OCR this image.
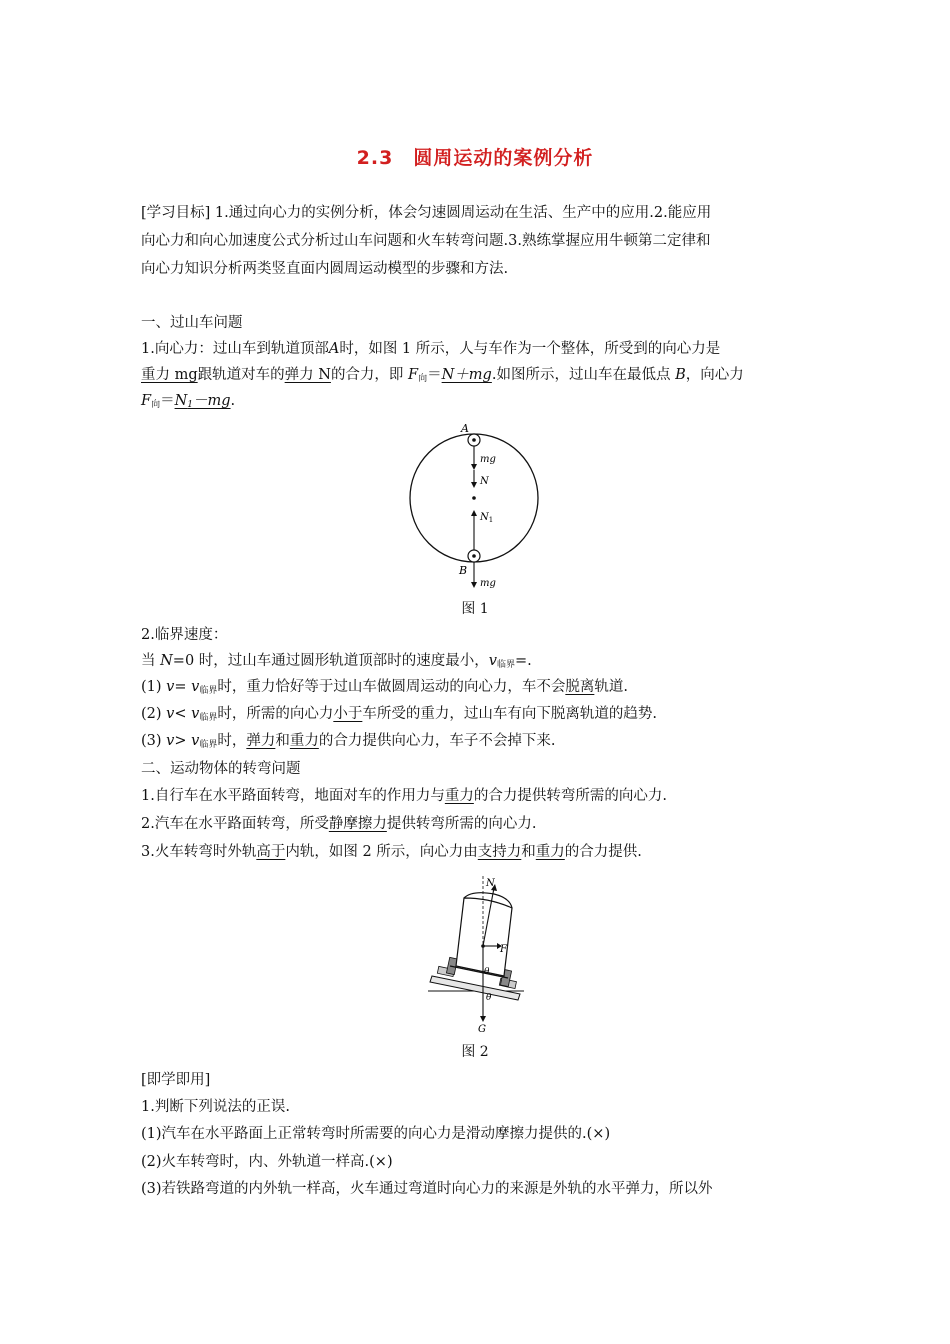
2.3　圆周运动的案例分析
[学习目标] 1.通过向心力的实例分析，体会匀速圆周运动在生活、生产中的应用.2.能应用
向心力和向心加速度公式分析过山车问题和火车转弯问题.3.熟练掌握应用牛顿第二定律和
向心力知识分析两类竖直面内圆周运动模型的步骤和方法.
一、过山车问题
1.向心力：过山车到轨道顶部A时，如图 1 所示，人与车作为一个整体，所受到的向心力是
重力 mg跟轨道对车的弹力 N的合力，即 $F_向=N+mg$.如图所示，过山车在最低点 B，向心力
$F_向=N_1-mg$.
A
mg
N
$N_1$
B
mg
图 1
2.临界速度：
当 N=0 时，过山车通过圆形轨道顶部时的速度最小，$v_{临界}=$.
(1) $v= v_{临界}$时，重力恰好等于过山车做圆周运动的向心力，车不会脱离轨道.
(2) $v< v_{临界}$时，所需的向心力小于车所受的重力，过山车有向下脱离轨道的趋势.
(3) $v> v_{临界}$时，弹力和重力的合力提供向心力，车子不会掉下来.
二、运动物体的转弯问题
1.自行车在水平路面转弯，地面对车的作用力与重力的合力提供转弯所需的向心力.
2.汽车在水平路面转弯，所受静摩擦力提供转弯所需的向心力.
3.火车转弯时外轨高于内轨，如图 2 所示，向心力由支持力和重力的合力提供.
N
F
θ
θ
G
图 2
[即学即用]
1.判断下列说法的正误.
(1)汽车在水平路面上正常转弯时所需要的向心力是滑动摩擦力提供的.(×)
(2)火车转弯时，内、外轨道一样高.(×)
(3)若铁路弯道的内外轨一样高，火车通过弯道时向心力的来源是外轨的水平弹力，所以外
